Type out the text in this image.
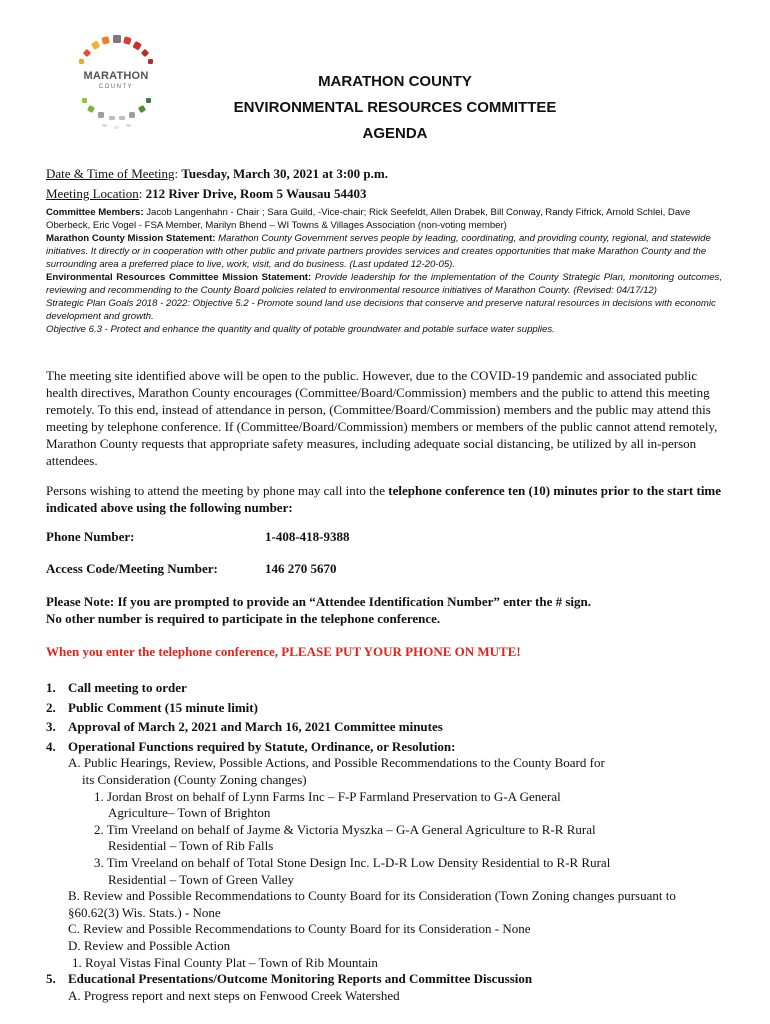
MARATHON
COUNTY	MARATHON COUNTY
ENVIRONMENTAL RESOURCES COMMITTEE
AGENDA
Date & Time of Meeting: Tuesday, March 30, 2021 at 3:00 p.m.
Meeting Location: 212 River Drive, Room 5 Wausau 54403

Committee Members: Jacob Langenhahn - Chair ; Sara Guild, -Vice-chair; Rick Seefeldt, Allen Drabek, Bill Conway, Randy Fifrick, Arnold Schlei, Dave Oberbeck, Eric Vogel - FSA Member, Marilyn Bhend – WI Towns & Villages Association (non-voting member)

Marathon County Mission Statement: Marathon County Government serves people by leading, coordinating, and providing county, regional, and statewide initiatives. It directly or in cooperation with other public and private partners provides services and creates opportunities that make Marathon County and the surrounding area a preferred place to live, work, visit, and do business. (Last updated 12-20-05).

Environmental Resources Committee Mission Statement: Provide leadership for the implementation of the County Strategic Plan, monitoring outcomes, reviewing and recommending to the County Board policies related to environmental resource initiatives of Marathon County. (Revised: 04/17/12)

Strategic Plan Goals 2018 - 2022: Objective 5.2 - Promote sound land use decisions that conserve and preserve natural resources in decisions with economic development and growth.

Objective 6.3 - Protect and enhance the quantity and quality of potable groundwater and potable surface water supplies.

The meeting site identified above will be open to the public. However, due to the COVID-19 pandemic and associated public health directives, Marathon County encourages (Committee/Board/Commission) members and the public to attend this meeting remotely. To this end, instead of attendance in person, (Committee/Board/Commission) members and the public may attend this meeting by telephone conference. If (Committee/Board/Commission) members or members of the public cannot attend remotely, Marathon County requests that appropriate safety measures, including adequate social distancing, be utilized by all in-person attendees.
Persons wishing to attend the meeting by phone may call into the telephone conference ten (10) minutes prior to the start time indicated above using the following number:
Phone Number:	1-408-418-9388
Access Code/Meeting Number:	146 270 5670
Please Note: If you are prompted to provide an “Attendee Identification Number” enter the # sign.
No other number is required to participate in the telephone conference.
When you enter the telephone conference, PLEASE PUT YOUR PHONE ON MUTE!
1. Call meeting to order
2. Public Comment (15 minute limit)
3. Approval of March 2, 2021 and March 16, 2021 Committee minutes
4. Operational Functions required by Statute, Ordinance, or Resolution:
A. Public Hearings, Review, Possible Actions, and Possible Recommendations to the County Board for
its Consideration (County Zoning changes)
1. Jordan Brost on behalf of Lynn Farms Inc – F-P Farmland Preservation to G-A General
Agriculture– Town of Brighton
2. Tim Vreeland on behalf of Jayme & Victoria Myszka – G-A General Agriculture to R-R Rural
Residential – Town of Rib Falls
3. Tim Vreeland on behalf of Total Stone Design Inc. L-D-R Low Density Residential to R-R Rural
Residential – Town of Green Valley
B. Review and Possible Recommendations to County Board for its Consideration (Town Zoning changes pursuant to
§60.62(3) Wis. Stats.) - None
C. Review and Possible Recommendations to County Board for its Consideration - None
D. Review and Possible Action
1. Royal Vistas Final County Plat – Town of Rib Mountain
5. Educational Presentations/Outcome Monitoring Reports and Committee Discussion
A. Progress report and next steps on Fenwood Creek Watershed
